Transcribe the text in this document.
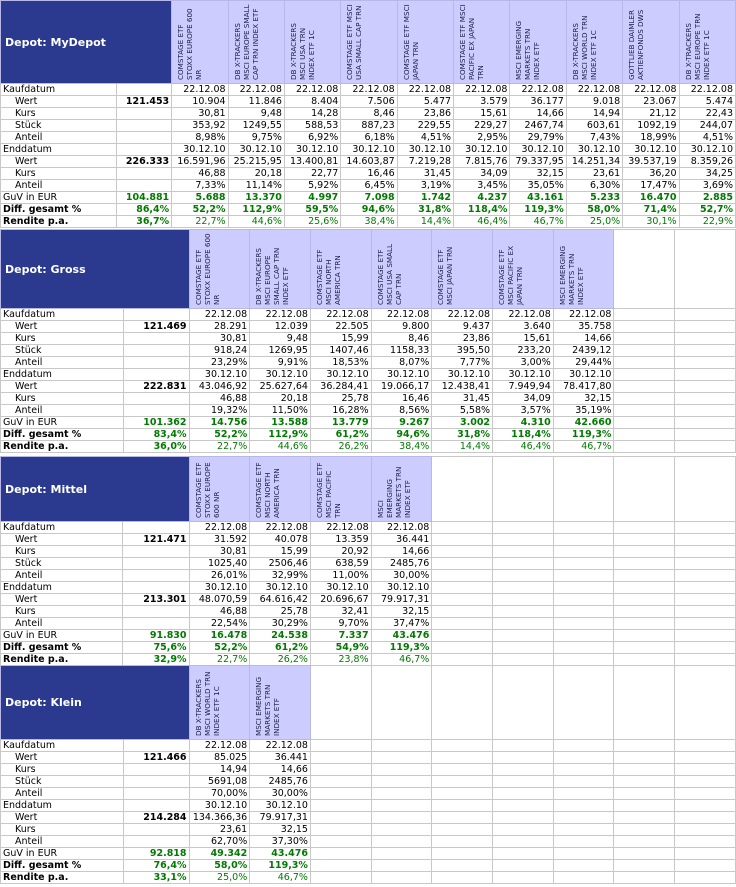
Depot: MyDepot		COMSTAGE ETF STOXX EUROPE 600 NR	DB X-TRACKERS MSCI EUROPE SMALL CAP TRN INDEX ETF	DB X-TRACKERS MSCI USA TRN INDEX ETF 1C	COMSTAGE ETF MSCI USA SMALL CAP TRN	COMSTAGE ETF MSCI JAPAN TRN	COMSTAGE ETF MSCI PACIFIC EX JAPAN TRN	MSCI EMERGING MARKETS TRN INDEX ETF	DB X-TRACKERS MSCI WORLD TRN INDEX ETF 1C	GOTTLIEB DAIMLER AKTIENFONDS DWS	DB X-TRACKERS MSCI EUROPE TRN INDEX ETF 1C

Kaufdatum		22.12.08	22.12.08	22.12.08	22.12.08	22.12.08	22.12.08	22.12.08	22.12.08	22.12.08	22.12.08
Wert	121.453	10.904	11.846	8.404	7.506	5.477	3.579	36.177	9.018	23.067	5.474
Kurs		30,81	9,48	14,28	8,46	23,86	15,61	14,66	14,94	21,12	22,43
Stück		353,92	1249,55	588,53	887,23	229,55	229,27	2467,74	603,61	1092,19	244,07
Anteil		8,98%	9,75%	6,92%	6,18%	4,51%	2,95%	29,79%	7,43%	18,99%	4,51%
Enddatum		30.12.10	30.12.10	30.12.10	30.12.10	30.12.10	30.12.10	30.12.10	30.12.10	30.12.10	30.12.10
Wert	226.333	16.591,96	25.215,95	13.400,81	14.603,87	7.219,28	7.815,76	79.337,95	14.251,34	39.537,19	8.359,26
Kurs		46,88	20,18	22,77	16,46	31,45	34,09	32,15	23,61	36,20	34,25
Anteil		7,33%	11,14%	5,92%	6,45%	3,19%	3,45%	35,05%	6,30%	17,47%	3,69%
GuV in EUR	104.881	5.688	13.370	4.997	7.098	1.742	4.237	43.161	5.233	16.470	2.885
Diff. gesamt %	86,4%	52,2%	112,9%	59,5%	94,6%	31,8%	118,4%	119,3%	58,0%	71,4%	52,7%
Rendite p.a.	36,7%	22,7%	44,6%	25,6%	38,4%	14,4%	46,4%	46,7%	25,0%	30,1%	22,9%
Depot: Gross		COMSTAGE ETF STOXX EUROPE 600 NR	DB X-TRACKERS MSCI EUROPE SMALL CAP TRN INDEX ETF	COMSTAGE ETF MSCI NORTH AMERICA TRN	COMSTAGE ETF MSCI USA SMALL CAP TRN	COMSTAGE ETF MSCI JAPAN TRN	COMSTAGE ETF MSCI PACIFIC EX JAPAN TRN	MSCI EMERGING MARKETS TRN INDEX ETF		

Kaufdatum		22.12.08	22.12.08	22.12.08	22.12.08	22.12.08	22.12.08	22.12.08		
Wert	121.469	28.291	12.039	22.505	9.800	9.437	3.640	35.758		
Kurs		30,81	9,48	15,99	8,46	23,86	15,61	14,66		
Stück		918,24	1269,95	1407,46	1158,33	395,50	233,20	2439,12		
Anteil		23,29%	9,91%	18,53%	8,07%	7,77%	3,00%	29,44%		
Enddatum		30.12.10	30.12.10	30.12.10	30.12.10	30.12.10	30.12.10	30.12.10		
Wert	222.831	43.046,92	25.627,64	36.284,41	19.066,17	12.438,41	7.949,94	78.417,80		
Kurs		46,88	20,18	25,78	16,46	31,45	34,09	32,15		
Anteil		19,32%	11,50%	16,28%	8,56%	5,58%	3,57%	35,19%		
GuV in EUR	101.362	14.756	13.588	13.779	9.267	3.002	4.310	42.660		
Diff. gesamt %	83,4%	52,2%	112,9%	61,2%	94,6%	31,8%	118,4%	119,3%		
Rendite p.a.	36,0%	22,7%	44,6%	26,2%	38,4%	14,4%	46,4%	46,7%		
Depot: Mittel		COMSTAGE ETF STOXX EUROPE 600 NR	COMSTAGE ETF MSCI NORTH AMERICA TRN	COMSTAGE ETF MSCI PACIFIC TRN	MSCI EMERGING MARKETS TRN INDEX ETF					

Kaufdatum		22.12.08	22.12.08	22.12.08	22.12.08					
Wert	121.471	31.592	40.078	13.359	36.441					
Kurs		30,81	15,99	20,92	14,66					
Stück		1025,40	2506,46	638,59	2485,76					
Anteil		26,01%	32,99%	11,00%	30,00%					
Enddatum		30.12.10	30.12.10	30.12.10	30.12.10					
Wert	213.301	48.070,59	64.616,42	20.696,67	79.917,31					
Kurs		46,88	25,78	32,41	32,15					
Anteil		22,54%	30,29%	9,70%	37,47%					
GuV in EUR	91.830	16.478	24.538	7.337	43.476					
Diff. gesamt %	75,6%	52,2%	61,2%	54,9%	119,3%					
Rendite p.a.	32,9%	22,7%	26,2%	23,8%	46,7%					
Depot: Klein		DB X-TRACKERS MSCI WORLD TRN INDEX ETF 1C	MSCI EMERGING MARKETS TRN INDEX ETF							

Kaufdatum		22.12.08	22.12.08							
Wert	121.466	85.025	36.441							
Kurs		14,94	14,66							
Stück		5691,08	2485,76							
Anteil		70,00%	30,00%							
Enddatum		30.12.10	30.12.10							
Wert	214.284	134.366,36	79.917,31							
Kurs		23,61	32,15							
Anteil		62,70%	37,30%							
GuV in EUR	92.818	49.342	43.476							
Diff. gesamt %	76,4%	58,0%	119,3%							
Rendite p.a.	33,1%	25,0%	46,7%							
